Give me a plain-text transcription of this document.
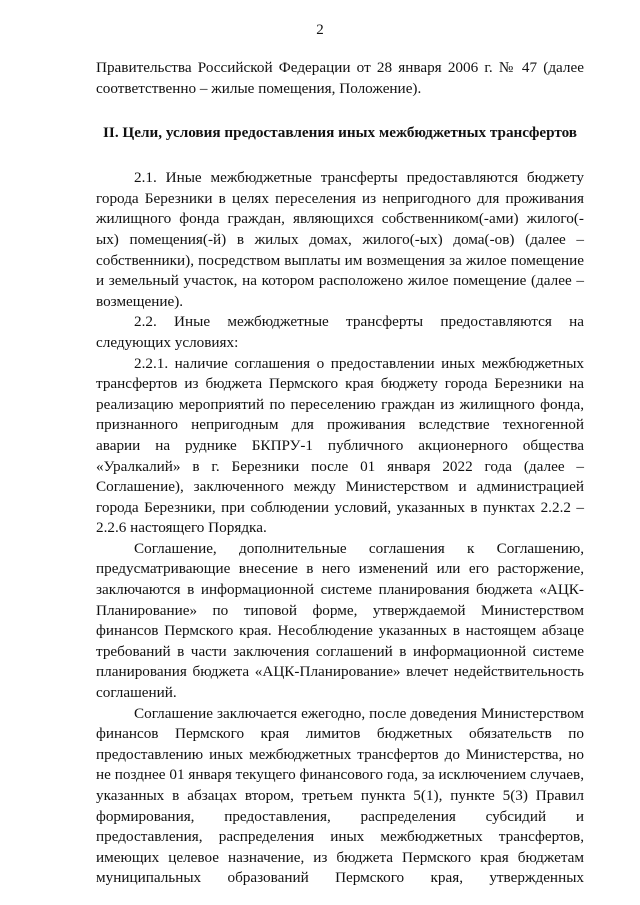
2

Правительства Российской Федерации от 28 января 2006 г. № 47 (далее соответственно – жилые помещения, Положение).

II. Цели, условия предоставления иных межбюджетных трансфертов

2.1. Иные межбюджетные трансферты предоставляются бюджету города Березники в целях переселения из непригодного для проживания жилищного фонда граждан, являющихся собственником(-ами) жилого(-ых) помещения(-й) в жилых домах, жилого(-ых) дома(-ов) (далее – собственники), посредством выплаты им возмещения за жилое помещение и земельный участок, на котором расположено жилое помещение (далее – возмещение).

2.2. Иные межбюджетные трансферты предоставляются на следующих условиях:

2.2.1. наличие соглашения о предоставлении иных межбюджетных трансфертов из бюджета Пермского края бюджету города Березники на реализацию мероприятий по переселению граждан из жилищного фонда, признанного непригодным для проживания вследствие техногенной аварии на руднике БКПРУ-1 публичного акционерного общества «Уралкалий» в г. Березники после 01 января 2022 года (далее – Соглашение), заключенного между Министерством и администрацией города Березники, при соблюдении условий, указанных в пунктах 2.2.2 – 2.2.6 настоящего Порядка.

Соглашение, дополнительные соглашения к Соглашению, предусматривающие внесение в него изменений или его расторжение, заключаются в информационной системе планирования бюджета «АЦК-Планирование» по типовой форме, утверждаемой Министерством финансов Пермского края. Несоблюдение указанных в настоящем абзаце требований в части заключения соглашений в информационной системе планирования бюджета «АЦК-Планирование» влечет недействительность соглашений.

Соглашение заключается ежегодно, после доведения Министерством финансов Пермского края лимитов бюджетных обязательств по предоставлению иных межбюджетных трансфертов до Министерства, но не позднее 01 января текущего финансового года, за исключением случаев, указанных в абзацах втором, третьем пункта 5(1), пункте 5(3) Правил формирования, предоставления, распределения субсидий и предоставления, распределения иных межбюджетных трансфертов, имеющих целевое назначение, из бюджета Пермского края бюджетам муниципальных образований Пермского края, утвержденных
